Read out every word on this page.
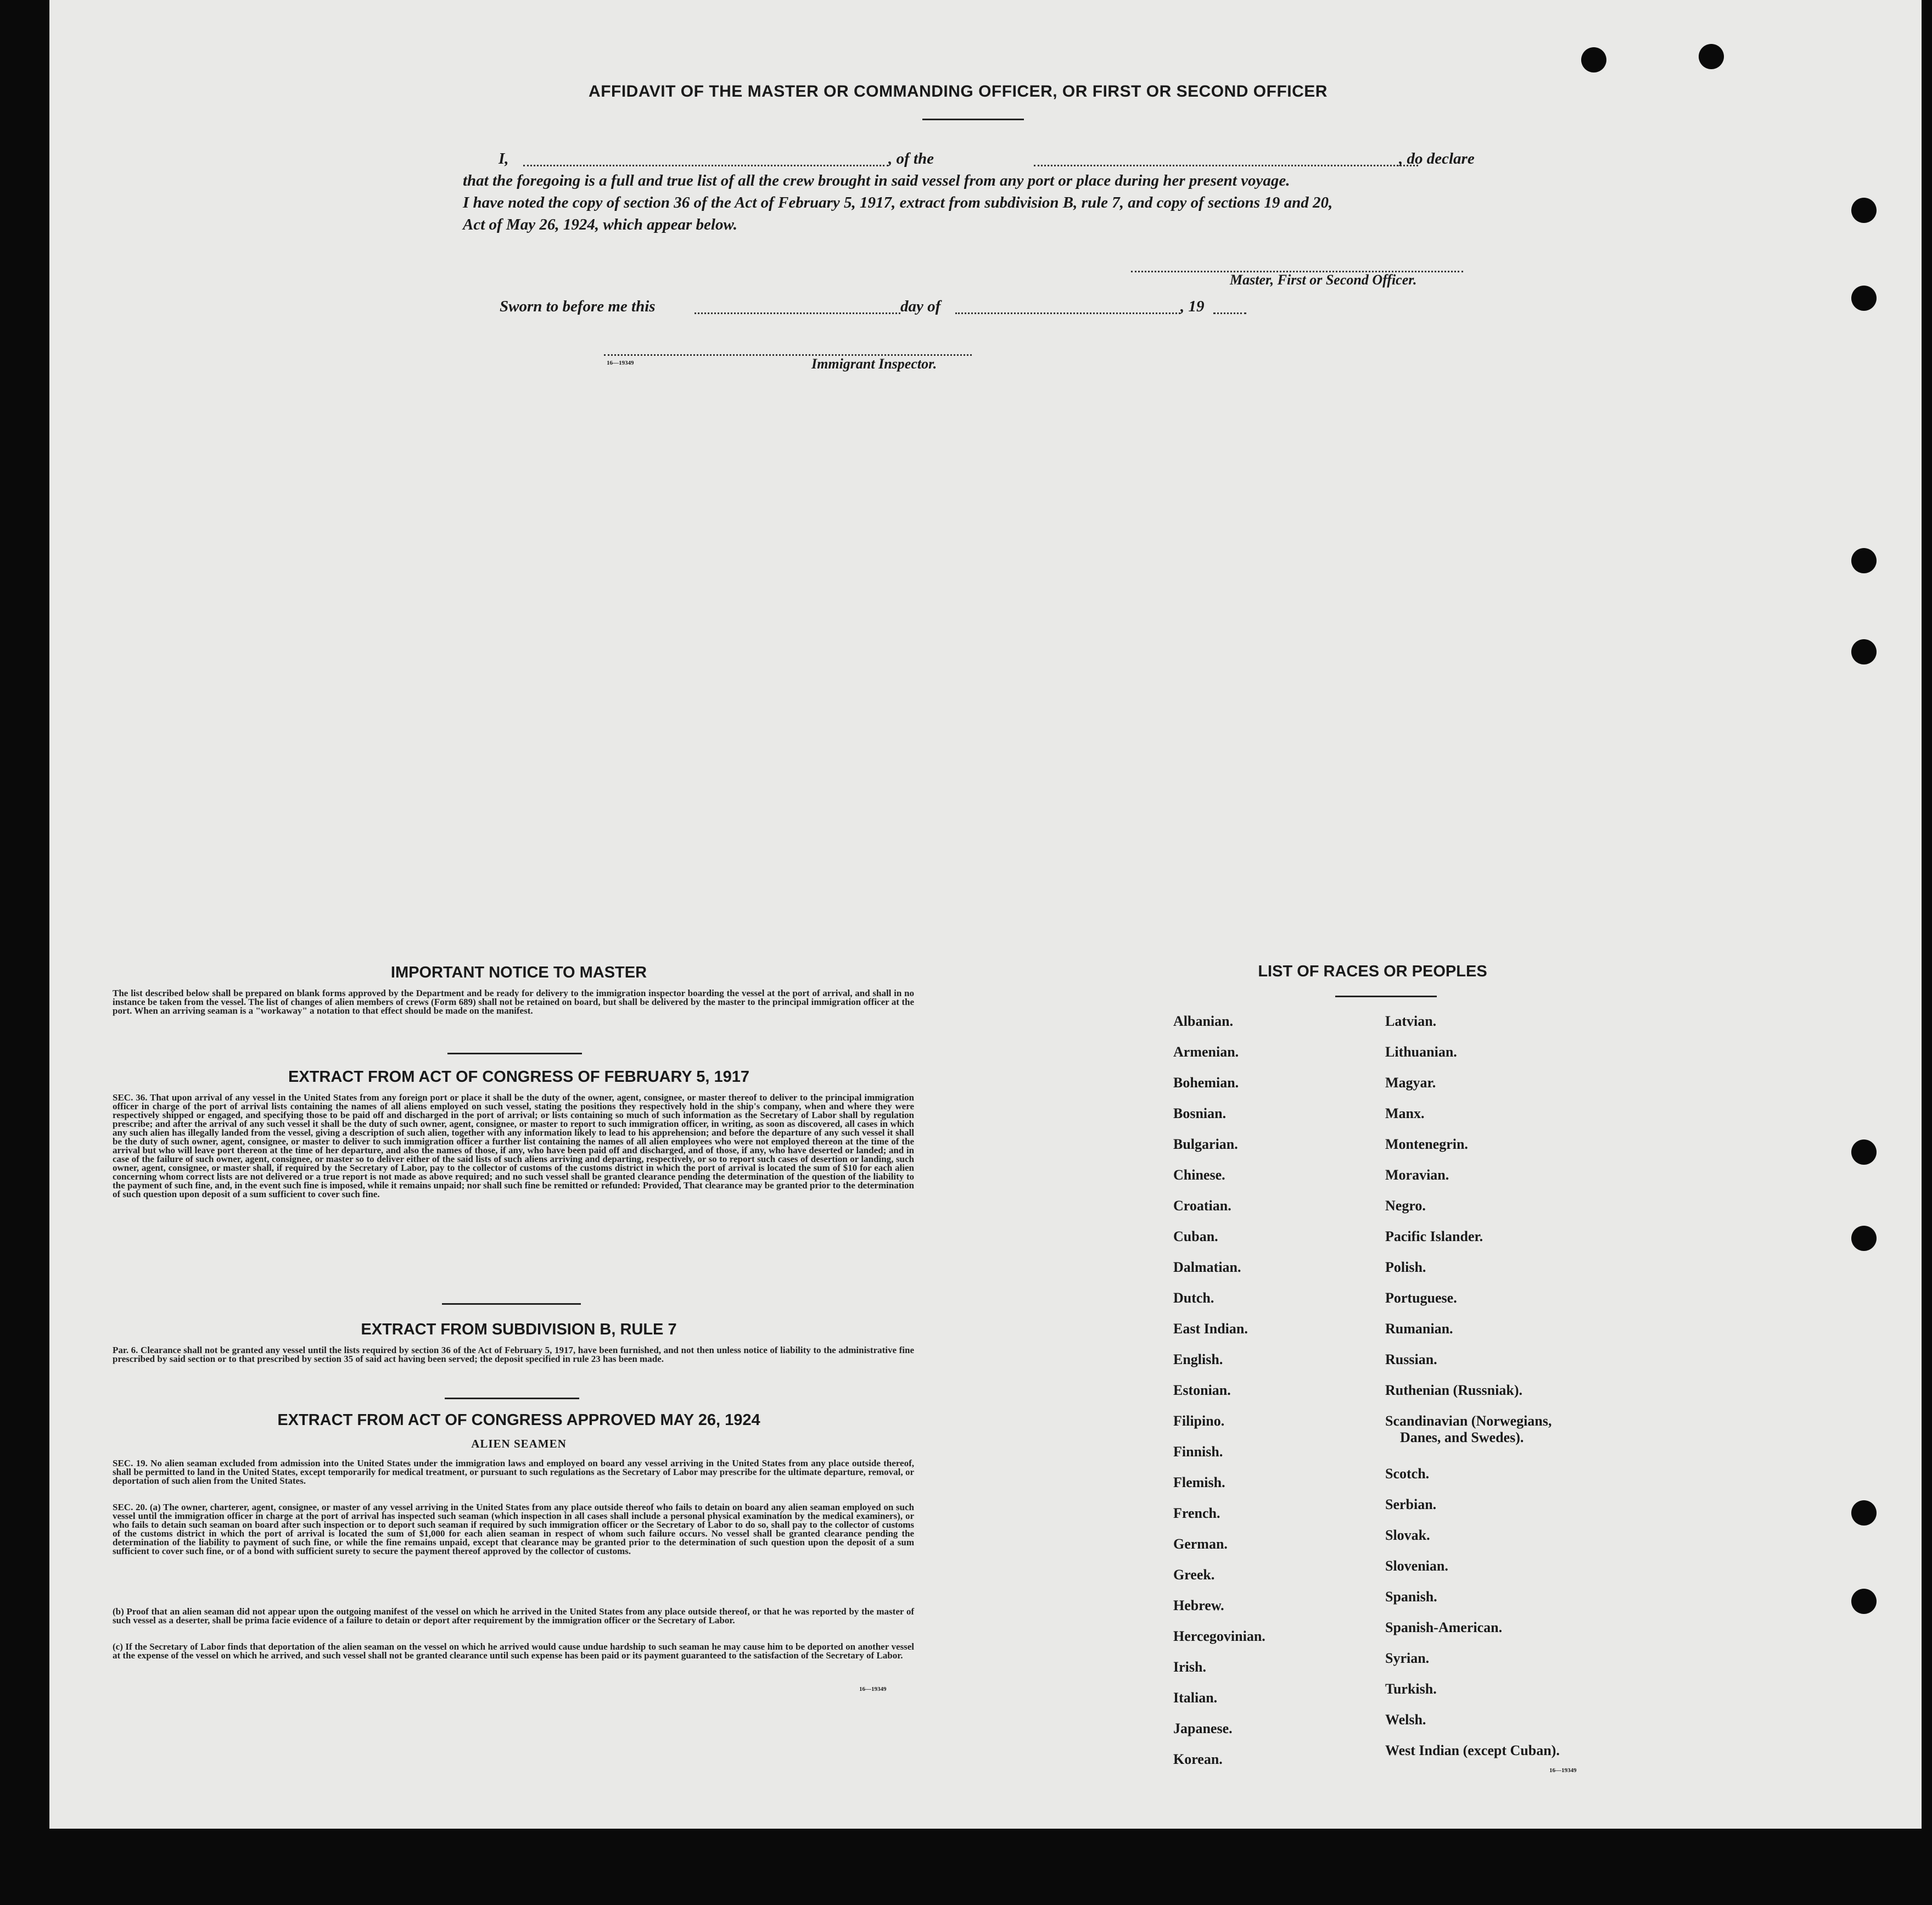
AFFIDAVIT OF THE MASTER OR COMMANDING OFFICER, OR FIRST OR SECOND OFFICER
I,	, of the	, do declare
that the foregoing is a full and true list of all the crew brought in said vessel from any port or place during her present voyage.
I have noted the copy of section 36 of the Act of February 5, 1917, extract from subdivision B, rule 7, and copy of sections 19 and 20,
Act of May 26, 1924, which appear below.
Master, First or Second Officer.
Sworn to before me this	day of	, 19
16—19349	Immigrant Inspector.
IMPORTANT NOTICE TO MASTER
The list described below shall be prepared on blank forms approved by the Department and be ready for delivery to the immigration inspector boarding the vessel at the port of arrival, and shall in no instance be taken from the vessel. The list of changes of alien members of crews (Form 689) shall not be retained on board, but shall be delivered by the master to the principal immigration officer at the port. When an arriving seaman is a "workaway" a notation to that effect should be made on the manifest.
EXTRACT FROM ACT OF CONGRESS OF FEBRUARY 5, 1917
SEC. 36. That upon arrival of any vessel in the United States from any foreign port or place it shall be the duty of the owner, agent, consignee, or master thereof to deliver to the principal immigration officer in charge of the port of arrival lists containing the names of all aliens employed on such vessel, stating the positions they respectively hold in the ship's company, when and where they were respectively shipped or engaged, and specifying those to be paid off and discharged in the port of arrival; or lists containing so much of such information as the Secretary of Labor shall by regulation prescribe; and after the arrival of any such vessel it shall be the duty of such owner, agent, consignee, or master to report to such immigration officer, in writing, as soon as discovered, all cases in which any such alien has illegally landed from the vessel, giving a description of such alien, together with any information likely to lead to his apprehension; and before the departure of any such vessel it shall be the duty of such owner, agent, consignee, or master to deliver to such immigration officer a further list containing the names of all alien employees who were not employed thereon at the time of the arrival but who will leave port thereon at the time of her departure, and also the names of those, if any, who have been paid off and discharged, and of those, if any, who have deserted or landed; and in case of the failure of such owner, agent, consignee, or master so to deliver either of the said lists of such aliens arriving and departing, respectively, or so to report such cases of desertion or landing, such owner, agent, consignee, or master shall, if required by the Secretary of Labor, pay to the collector of customs of the customs district in which the port of arrival is located the sum of $10 for each alien concerning whom correct lists are not delivered or a true report is not made as above required; and no such vessel shall be granted clearance pending the determination of the question of the liability to the payment of such fine, and, in the event such fine is imposed, while it remains unpaid; nor shall such fine be remitted or refunded: Provided, That clearance may be granted prior to the determination of such question upon deposit of a sum sufficient to cover such fine.
EXTRACT FROM SUBDIVISION B, RULE 7
Par. 6. Clearance shall not be granted any vessel until the lists required by section 36 of the Act of February 5, 1917, have been furnished, and not then unless notice of liability to the administrative fine prescribed by said section or to that prescribed by section 35 of said act having been served; the deposit specified in rule 23 has been made.
EXTRACT FROM ACT OF CONGRESS APPROVED MAY 26, 1924
ALIEN SEAMEN
SEC. 19. No alien seaman excluded from admission into the United States under the immigration laws and employed on board any vessel arriving in the United States from any place outside thereof, shall be permitted to land in the United States, except temporarily for medical treatment, or pursuant to such regulations as the Secretary of Labor may prescribe for the ultimate departure, removal, or deportation of such alien from the United States.
SEC. 20. (a) The owner, charterer, agent, consignee, or master of any vessel arriving in the United States from any place outside thereof who fails to detain on board any alien seaman employed on such vessel until the immigration officer in charge at the port of arrival has inspected such seaman (which inspection in all cases shall include a personal physical examination by the medical examiners), or who fails to detain such seaman on board after such inspection or to deport such seaman if required by such immigration officer or the Secretary of Labor to do so, shall pay to the collector of customs of the customs district in which the port of arrival is located the sum of $1,000 for each alien seaman in respect of whom such failure occurs. No vessel shall be granted clearance pending the determination of the liability to payment of such fine, or while the fine remains unpaid, except that clearance may be granted prior to the determination of such question upon the deposit of a sum sufficient to cover such fine, or of a bond with sufficient surety to secure the payment thereof approved by the collector of customs.
(b) Proof that an alien seaman did not appear upon the outgoing manifest of the vessel on which he arrived in the United States from any place outside thereof, or that he was reported by the master of such vessel as a deserter, shall be prima facie evidence of a failure to detain or deport after requirement by the immigration officer or the Secretary of Labor.
(c) If the Secretary of Labor finds that deportation of the alien seaman on the vessel on which he arrived would cause undue hardship to such seaman he may cause him to be deported on another vessel at the expense of the vessel on which he arrived, and such vessel shall not be granted clearance until such expense has been paid or its payment guaranteed to the satisfaction of the Secretary of Labor.
16—19349
LIST OF RACES OR PEOPLES
Albanian.
Armenian.
Bohemian.
Bosnian.
Bulgarian.
Chinese.
Croatian.
Cuban.
Dalmatian.
Dutch.
East Indian.
English.
Estonian.
Filipino.
Finnish.
Flemish.
French.
German.
Greek.
Hebrew.
Hercegovinian.
Irish.
Italian.
Japanese.
Korean.
Latvian.
Lithuanian.
Magyar.
Manx.
Montenegrin.
Moravian.
Negro.
Pacific Islander.
Polish.
Portuguese.
Rumanian.
Russian.
Ruthenian (Russniak).
Scandinavian (Norwegians,
Danes, and Swedes).
Scotch.
Serbian.
Slovak.
Slovenian.
Spanish.
Spanish-American.
Syrian.
Turkish.
Welsh.
West Indian (except Cuban).
16—19349
